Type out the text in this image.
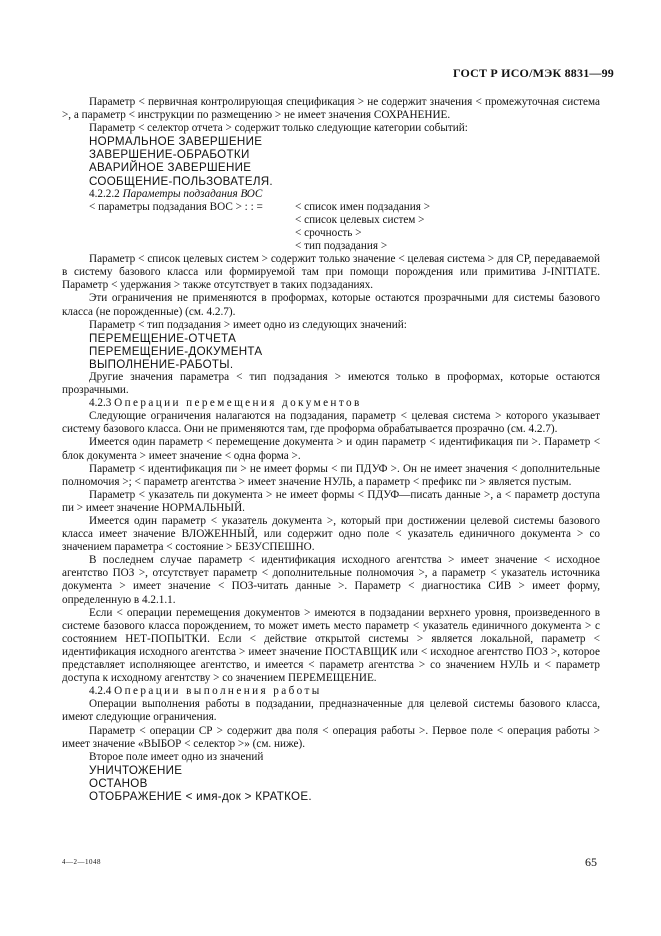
ГОСТ Р ИСО/МЭК 8831—99

Параметр < первичная контролирующая спецификация > не содержит значения < промежуточная система >, а параметр < инструкции по размещению > не имеет значения СОХРАНЕНИЕ.

Параметр < селектор отчета > содержит только следующие категории событий:

НОРМАЛЬНОЕ ЗАВЕРШЕНИЕ

ЗАВЕРШЕНИЕ-ОБРАБОТКИ

АВАРИЙНОЕ ЗАВЕРШЕНИЕ

СООБЩЕНИЕ-ПОЛЬЗОВАТЕЛЯ.

4.2.2.2 Параметры подзадания ВОС

< параметры подзадания ВОС > : : =	< список имен подзадания >
	< список целевых систем >
	< срочность >
	< тип подзадания >

Параметр < список целевых систем > содержит только значение < целевая система > для СР, передаваемой в систему базового класса или формируемой там при помощи порождения или примитива J-INITIATE. Параметр < удержания > также отсутствует в таких подзаданиях.

Эти ограничения не применяются в проформах, которые остаются прозрачными для системы базового класса (не порожденные) (см. 4.2.7).

Параметр < тип подзадания > имеет одно из следующих значений:

ПЕРЕМЕЩЕНИЕ-ОТЧЕТА

ПЕРЕМЕЩЕНИЕ-ДОКУМЕНТА

ВЫПОЛНЕНИЕ-РАБОТЫ.

Другие значения параметра < тип подзадания > имеются только в проформах, которые остаются прозрачными.

4.2.3 Операции перемещения документов

Следующие ограничения налагаются на подзадания, параметр < целевая система > которого указывает систему базового класса. Они не применяются там, где проформа обрабатывается прозрачно (см. 4.2.7).

Имеется один параметр < перемещение документа > и один параметр < идентификация пи >. Параметр < блок документа > имеет значение < одна форма >.

Параметр < идентификация пи > не имеет формы < пи ПДУФ >. Он не имеет значения < дополнительные полномочия >; < параметр агентства > имеет значение НУЛЬ, а параметр < префикс пи > является пустым.

Параметр < указатель пи документа > не имеет формы < ПДУФ—писать данные >, а < параметр доступа пи > имеет значение НОРМАЛЬНЫЙ.

Имеется один параметр < указатель документа >, который при достижении целевой системы базового класса имеет значение ВЛОЖЕННЫЙ, или содержит одно поле < указатель единичного документа > со значением параметра < состояние > БЕЗУСПЕШНО.

В последнем случае параметр < идентификация исходного агентства > имеет значение < исходное агентство ПОЗ >, отсутствует параметр < дополнительные полномочия >, а параметр < указатель источника документа > имеет значение < ПОЗ-читать данные >. Параметр < диагностика СИВ > имеет форму, определенную в 4.2.1.1.

Если < операции перемещения документов > имеются в подзадании верхнего уровня, произведенного в системе базового класса порождением, то может иметь место параметр < указатель единичного документа > с состоянием НЕТ-ПОПЫТКИ. Если < действие открытой системы > является локальной, параметр < идентификация исходного агентства > имеет значение ПОСТАВЩИК или < исходное агентство ПОЗ >, которое представляет исполняющее агентство, и имеется < параметр агентства > со значением НУЛЬ и < параметр доступа к исходному агентству > со значением ПЕРЕМЕЩЕНИЕ.

4.2.4 Операции выполнения работы

Операции выполнения работы в подзадании, предназначенные для целевой системы базового класса, имеют следующие ограничения.

Параметр < операции СР > содержит два поля < операция работы >. Первое поле < операция работы > имеет значение «ВЫБОР < селектор >» (см. ниже).

Второе поле имеет одно из значений

УНИЧТОЖЕНИЕ

ОСТАНОВ

ОТОБРАЖЕНИЕ < имя-док > КРАТКОЕ.

4—2—1048	65
